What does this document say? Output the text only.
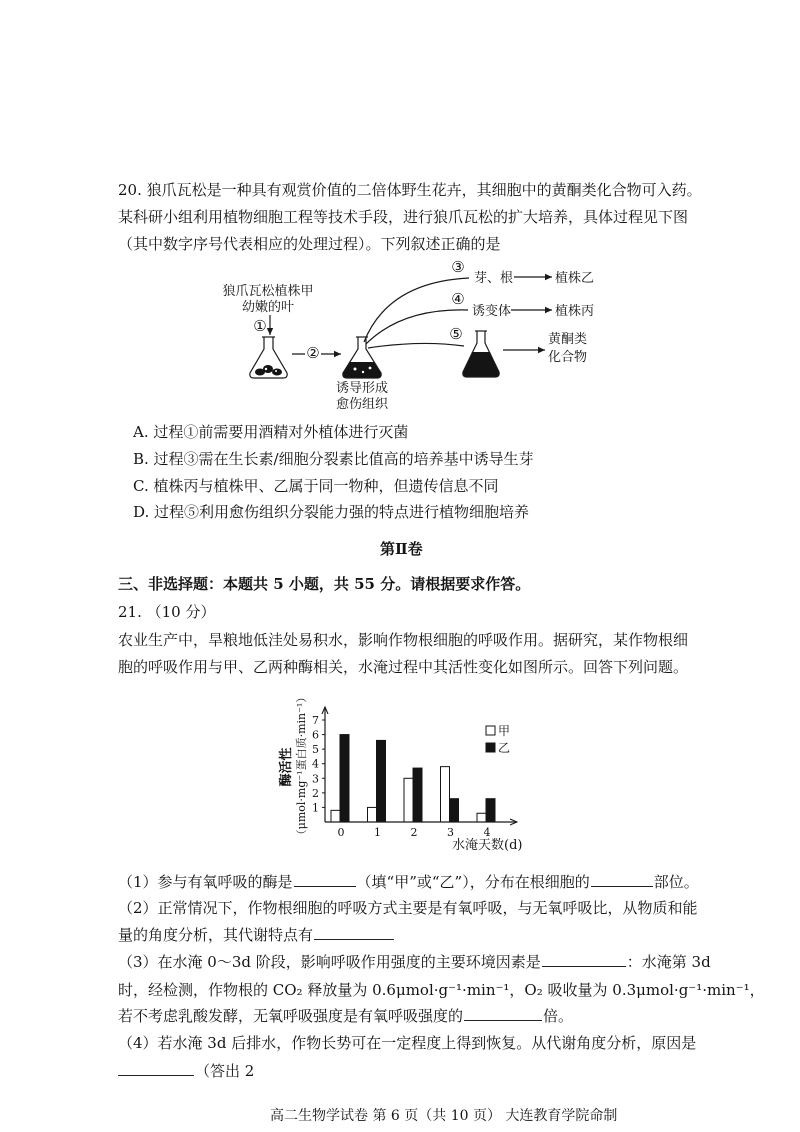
20. 狼爪瓦松是一种具有观赏价值的二倍体野生花卉，其细胞中的黄酮类化合物可入药。
某科研小组利用植物细胞工程等技术手段，进行狼爪瓦松的扩大培养，具体过程见下图
（其中数字序号代表相应的处理过程）。下列叙述正确的是
狼爪瓦松植株甲
幼嫩的叶
①
②
诱导形成
愈伤组织
③
④
⑤
芽、根	植株乙
诱变体	植株丙
黄酮类
化合物
A. 过程①前需要用酒精对外植体进行灭菌
B. 过程③需在生长素/细胞分裂素比值高的培养基中诱导生芽
C. 植株丙与植株甲、乙属于同一物种，但遗传信息不同
D. 过程⑤利用愈伤组织分裂能力强的特点进行植物细胞培养
第Ⅱ卷
三、非选择题：本题共 5 小题，共 55 分。请根据要求作答。
21. （10 分）
农业生产中，旱粮地低洼处易积水，影响作物根细胞的呼吸作用。据研究，某作物根细
胞的呼吸作用与甲、乙两种酶相关，水淹过程中其活性变化如图所示。回答下列问题。
酶活性 （μmol·mg⁻¹蛋白质·min⁻¹） 1
2
3
4
5
6
7
0	1	2	3	4
甲
乙
水淹天数(d)
（1）参与有氧呼吸的酶是	（填“甲”或“乙”），分布在根细胞的	部位。
（2）正常情况下，作物根细胞的呼吸方式主要是有氧呼吸，与无氧呼吸比，从物质和能
量的角度分析，其代谢特点有
（3）在水淹 0～3d 阶段，影响呼吸作用强度的主要环境因素是	：水淹第 3d
时，经检测，作物根的 CO₂ 释放量为 0.6μmol·g⁻¹·min⁻¹，O₂ 吸收量为 0.3μmol·g⁻¹·min⁻¹，
若不考虑乳酸发酵，无氧呼吸强度是有氧呼吸强度的	倍。
（4）若水淹 3d 后排水，作物长势可在一定程度上得到恢复。从代谢角度分析，原因是
（答出 2
高二生物学试卷 第 6 页（共 10 页） 大连教育学院命制
